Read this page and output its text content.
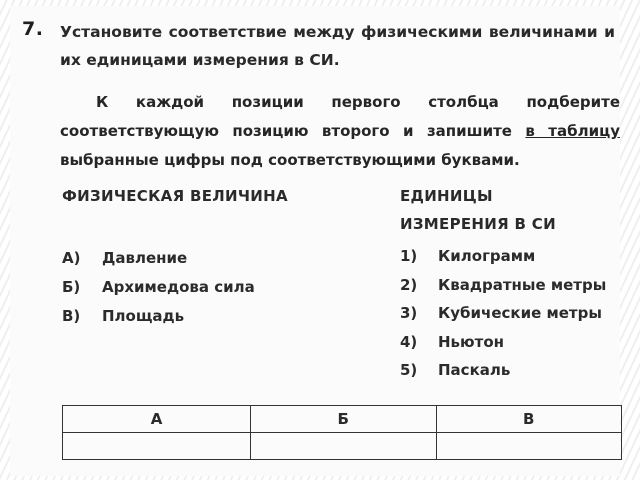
7. Установите соответствие между физическими величинами и их единицами измерения в СИ.
К каждой позиции первого столбца подберите соответствующую позицию второго и запишите в таблицу выбранные цифры под соответствующими буквами.
ФИЗИЧЕСКАЯ ВЕЛИЧИНА	ЕДИНИЦЫ
ИЗМЕРЕНИЯ В СИ
А)	Давление
Б)	Архимедова сила
В)	Площадь
1)	Килограмм
2)	Квадратные метры
3)	Кубические метры
4)	Ньютон
5)	Паскаль
А	Б	В
